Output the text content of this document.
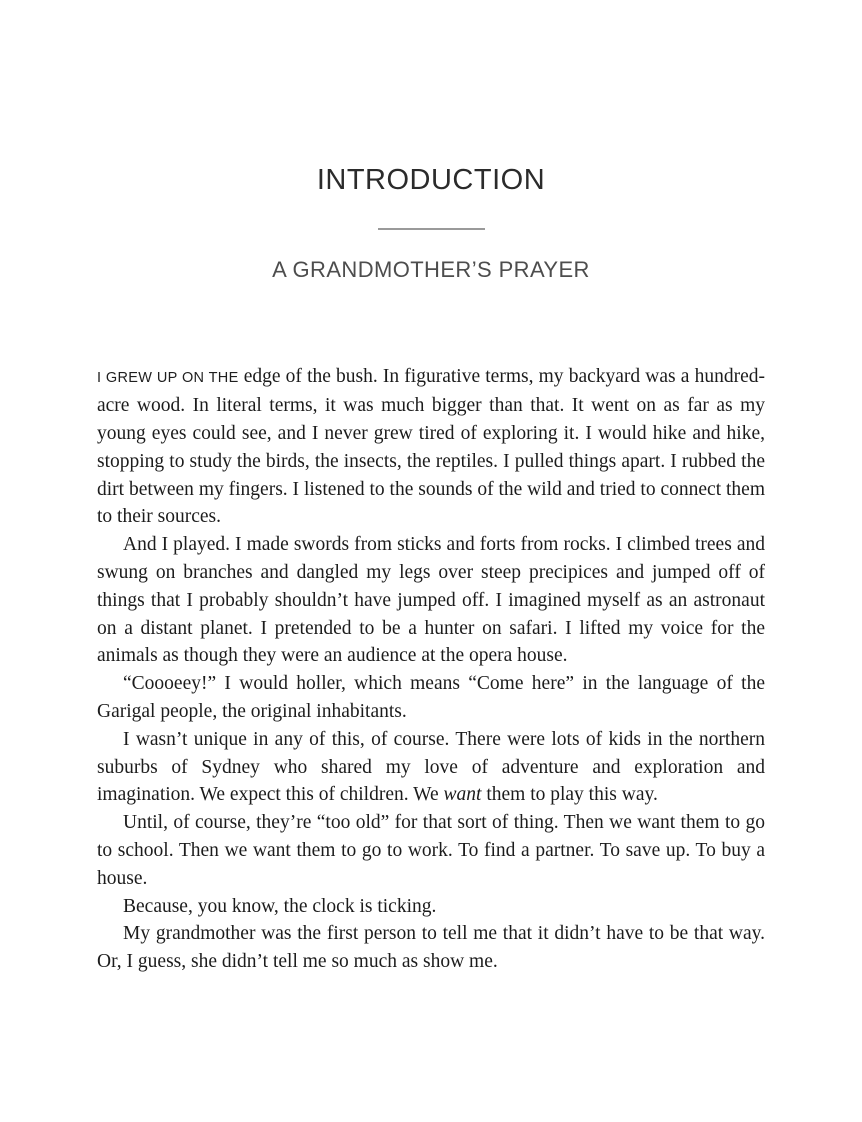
INTRODUCTION
A GRANDMOTHER’S PRAYER

I GREW UP ON THE edge of the bush. In figurative terms, my backyard was a hundred-acre wood. In literal terms, it was much bigger than that. It went on as far as my young eyes could see, and I never grew tired of exploring it. I would hike and hike, stopping to study the birds, the insects, the reptiles. I pulled things apart. I rubbed the dirt between my fingers. I listened to the sounds of the wild and tried to connect them to their sources.

And I played. I made swords from sticks and forts from rocks. I climbed trees and swung on branches and dangled my legs over steep precipices and jumped off of things that I probably shouldn’t have jumped off. I imagined myself as an astronaut on a distant planet. I pretended to be a hunter on safari. I lifted my voice for the animals as though they were an audience at the opera house.

“Coooeey!” I would holler, which means “Come here” in the language of the Garigal people, the original inhabitants.

I wasn’t unique in any of this, of course. There were lots of kids in the northern suburbs of Sydney who shared my love of adventure and exploration and imagination. We expect this of children. We want them to play this way.

Until, of course, they’re “too old” for that sort of thing. Then we want them to go to school. Then we want them to go to work. To find a partner. To save up. To buy a house.

Because, you know, the clock is ticking.

My grandmother was the first person to tell me that it didn’t have to be that way. Or, I guess, she didn’t tell me so much as show me.
